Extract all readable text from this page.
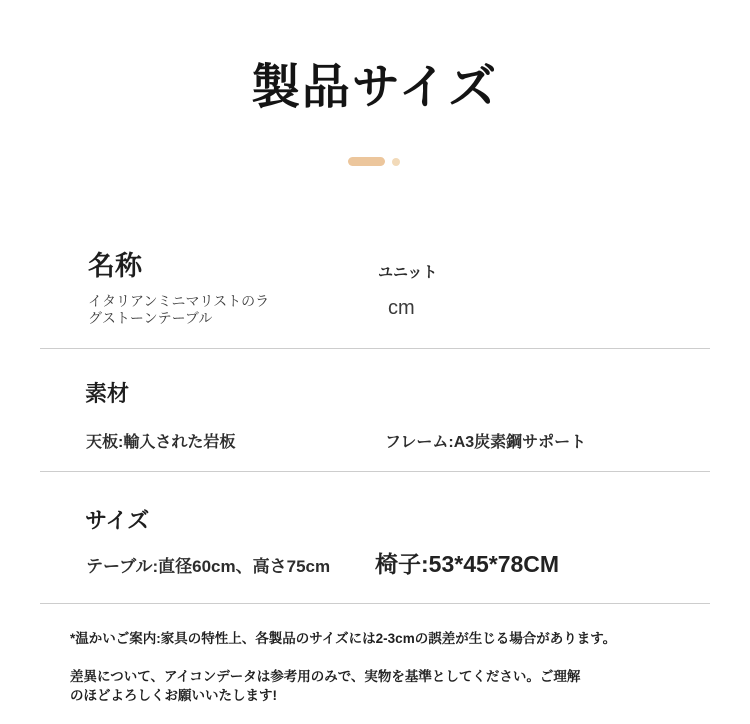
製品サイズ
名称
イタリアンミニマリストのラグストーンテーブル
ユニット
cm
素材
天板:輸入された岩板	フレーム:A3炭素鋼サポート
サイズ
テーブル:直径60cm、高さ75cm 椅子:53*45*78CM
*温かいご案内:家具の特性上、各製品のサイズには2-3cmの誤差が生じる場合があります。
差異について、アイコンデータは参考用のみで、実物を基準としてください。ご理解のほどよろしくお願いいたします!
